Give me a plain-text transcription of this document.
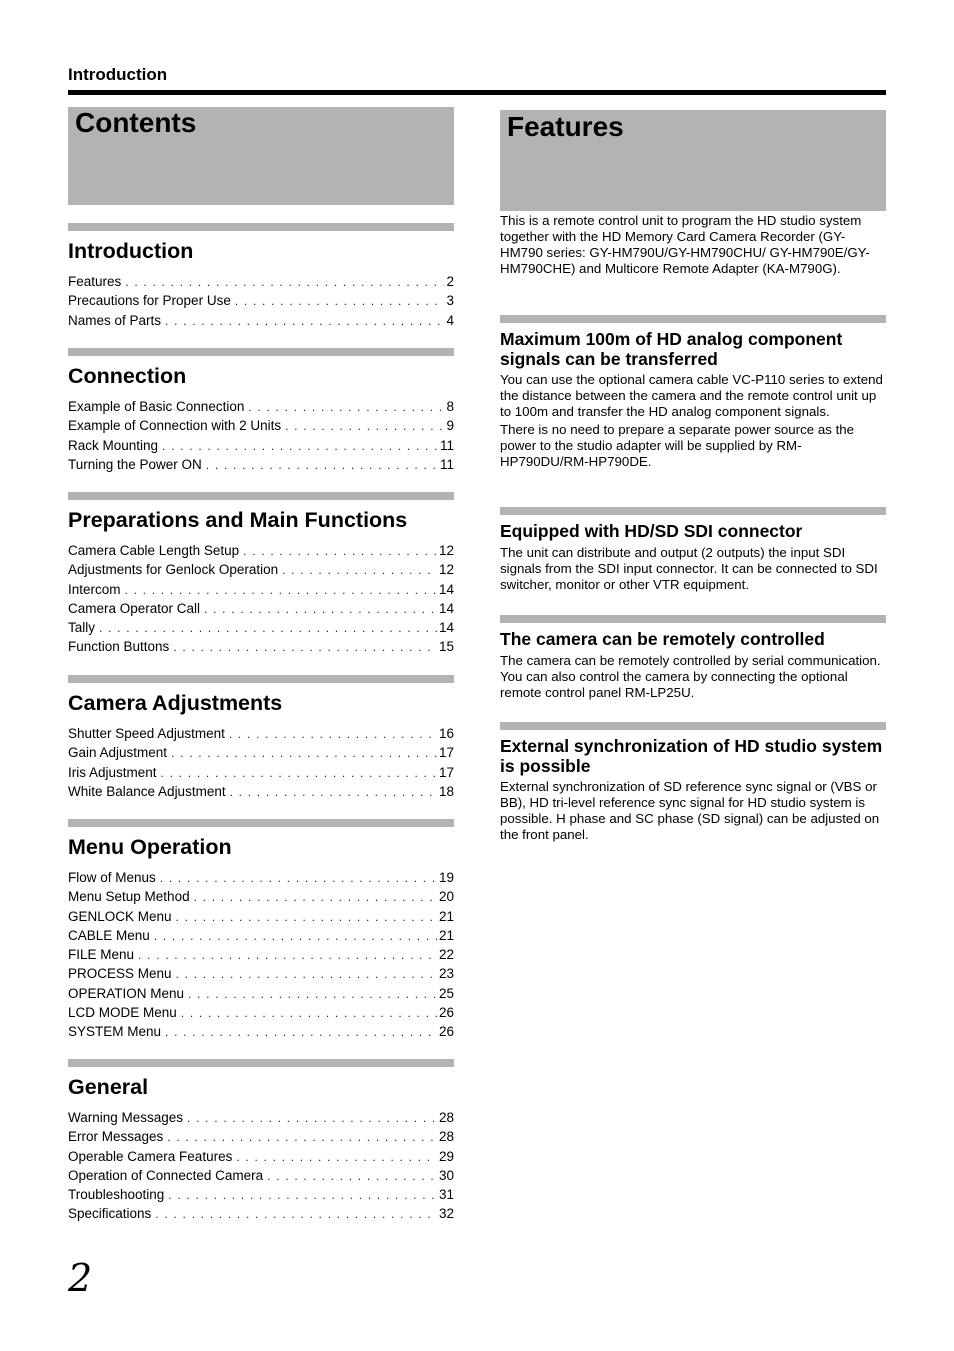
Introduction
Contents
Introduction
Features . . .	2
Precautions for Proper Use . . .	3
Names of Parts . . .	4
Connection
Example of Basic Connection . . .	8
Example of Connection with 2 Units . . .	9
Rack Mounting . . .	11
Turning the Power ON . . .	11
Preparations and Main Functions
Camera Cable Length Setup . . .	12
Adjustments for Genlock Operation . . .	12
Intercom . . .	14
Camera Operator Call . . .	14
Tally . . .	14
Function Buttons . . .	15
Camera Adjustments
Shutter Speed Adjustment . . .	16
Gain Adjustment . . .	17
Iris Adjustment . . .	17
White Balance Adjustment . . .	18
Menu Operation
Flow of Menus . . .	19
Menu Setup Method . . .	20
GENLOCK Menu . . .	21
CABLE Menu . . .	21
FILE Menu . . .	22
PROCESS Menu . . .	23
OPERATION Menu . . .	25
LCD MODE Menu . . .	26
SYSTEM Menu . . .	26
General
Warning Messages . . .	28
Error Messages . . .	28
Operable Camera Features . . .	29
Operation of Connected Camera . . .	30
Troubleshooting . . .	31
Specifications . . .	32
Features
This is a remote control unit to program the HD studio system together with the HD Memory Card Camera Recorder (GY-HM790 series: GY-HM790U/GY-HM790CHU/ GY-HM790E/GY-HM790CHE) and Multicore Remote Adapter (KA-M790G).
Maximum 100m of HD analog component signals can be transferred
You can use the optional camera cable VC-P110 series to extend the distance between the camera and the remote control unit up to 100m and transfer the HD analog component signals.
There is no need to prepare a separate power source as the power to the studio adapter will be supplied by RM-HP790DU/RM-HP790DE.
Equipped with HD/SD SDI connector
The unit can distribute and output (2 outputs) the input SDI signals from the SDI input connector. It can be connected to SDI switcher, monitor or other VTR equipment.
The camera can be remotely controlled
The camera can be remotely controlled by serial communication. You can also control the camera by connecting the optional remote control panel RM-LP25U.
External synchronization of HD studio system is possible
External synchronization of SD reference sync signal or (VBS or BB), HD tri-level reference sync signal for HD studio system is possible. H phase and SC phase (SD signal) can be adjusted on the front panel.
2
